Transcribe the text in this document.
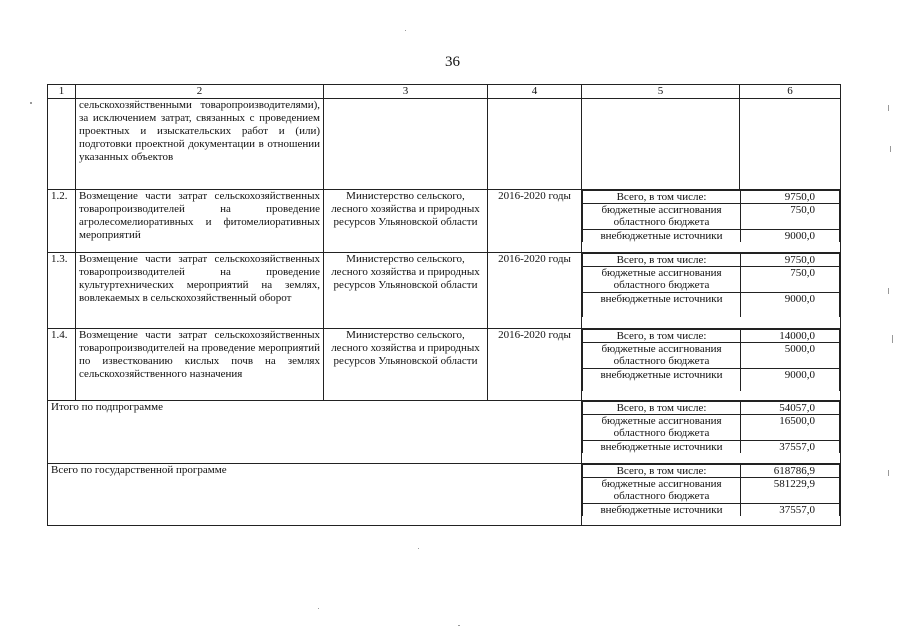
36
1	2	3	4	5	6
	сельскохозяйственными товаропроизводителями), за исключением затрат, связанных с проведением проектных и изыскательских работ и (или) подготовки проектной документации в отношении указанных объектов				
1.2.	Возмещение части затрат сельскохозяйственных товаропроизводителей на проведение агролесомелиоративных и фитомелиоративных мероприятий	Министерство сельского, лесного хозяйства и природных ресурсов Ульяновской области	2016-2020 годы		Всего, в том числе:	9750,0
бюджетные ассигнования областного бюджета	750,0
внебюджетные источники	9000,0

1.3.	Возмещение части затрат сельскохозяйственных товаропроизводителей на проведение культуртехнических мероприятий на землях, вовлекаемых в сельскохозяйственный оборот	Министерство сельского, лесного хозяйства и природных ресурсов Ульяновской области	2016-2020 годы		Всего, в том числе:	9750,0
бюджетные ассигнования областного бюджета	750,0
внебюджетные источники	9000,0

1.4.	Возмещение части затрат сельскохозяйственных товаропроизводителей на проведение мероприятий по известкованию кислых почв на землях сельскохозяйственного назначения	Министерство сельского, лесного хозяйства и природных ресурсов Ульяновской области	2016-2020 годы		Всего, в том числе:	14000,0
бюджетные ассигнования областного бюджета	5000,0
внебюджетные источники	9000,0

Итого по подпрограмме		Всего, в том числе:	54057,0
бюджетные ассигнования областного бюджета	16500,0
внебюджетные источники	37557,0

Всего по государственной программе		Всего, в том числе:	618786,9
бюджетные ассигнования областного бюджета	581229,9
внебюджетные источники	37557,0
